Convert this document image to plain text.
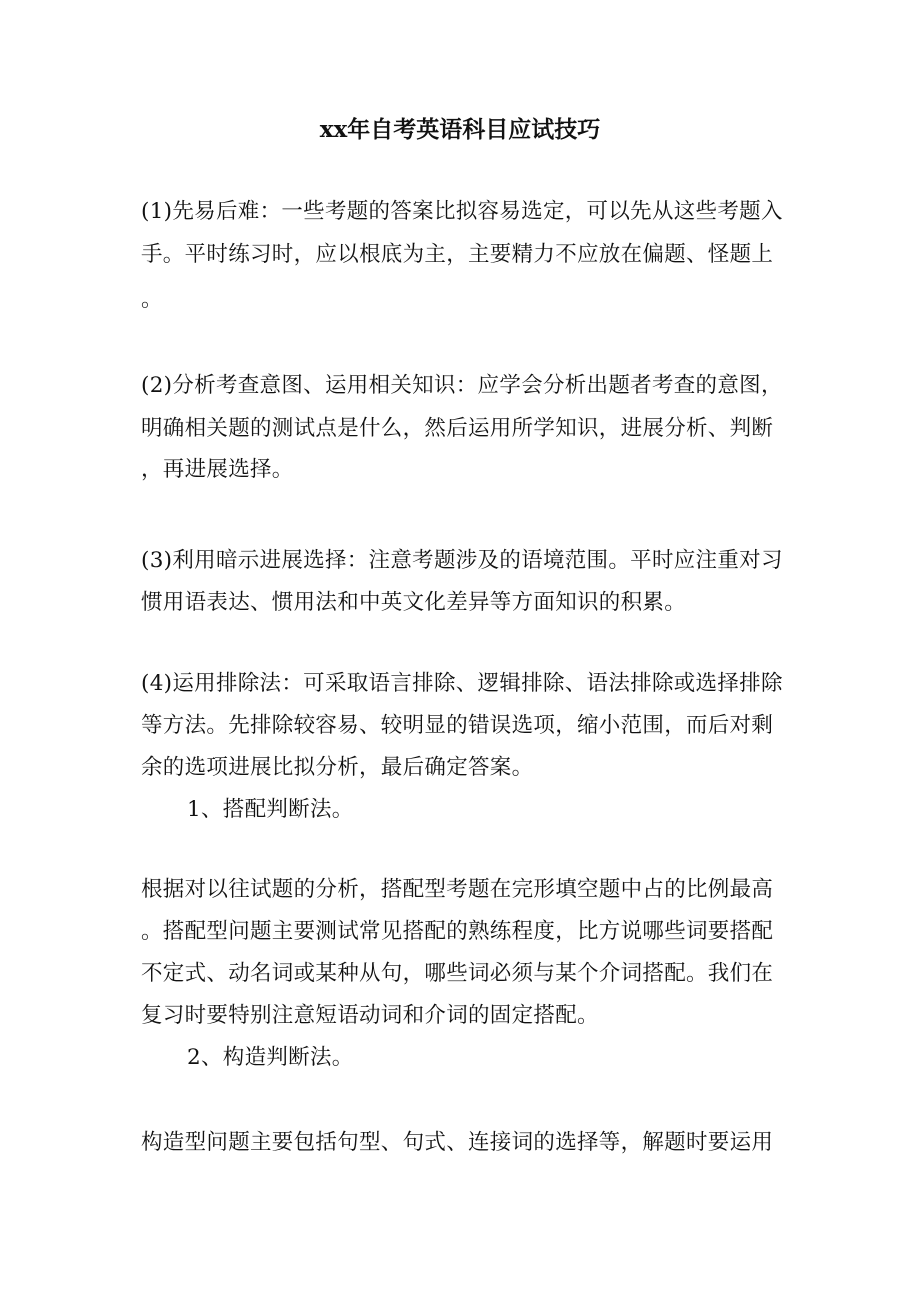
xx年自考英语科目应试技巧
(1)先易后难：一些考题的答案比拟容易选定，可以先从这些考题入
手。平时练习时，应以根底为主，主要精力不应放在偏题、怪题上
。
(2)分析考查意图、运用相关知识：应学会分析出题者考查的意图，
明确相关题的测试点是什么，然后运用所学知识，进展分析、判断
，再进展选择。
(3)利用暗示进展选择：注意考题涉及的语境范围。平时应注重对习
惯用语表达、惯用法和中英文化差异等方面知识的积累。
(4)运用排除法：可采取语言排除、逻辑排除、语法排除或选择排除
等方法。先排除较容易、较明显的错误选项，缩小范围，而后对剩
余的选项进展比拟分析，最后确定答案。
1、搭配判断法。
根据对以往试题的分析，搭配型考题在完形填空题中占的比例最高
。搭配型问题主要测试常见搭配的熟练程度，比方说哪些词要搭配
不定式、动名词或某种从句，哪些词必须与某个介词搭配。我们在
复习时要特别注意短语动词和介词的固定搭配。
2、构造判断法。
构造型问题主要包括句型、句式、连接词的选择等，解题时要运用
